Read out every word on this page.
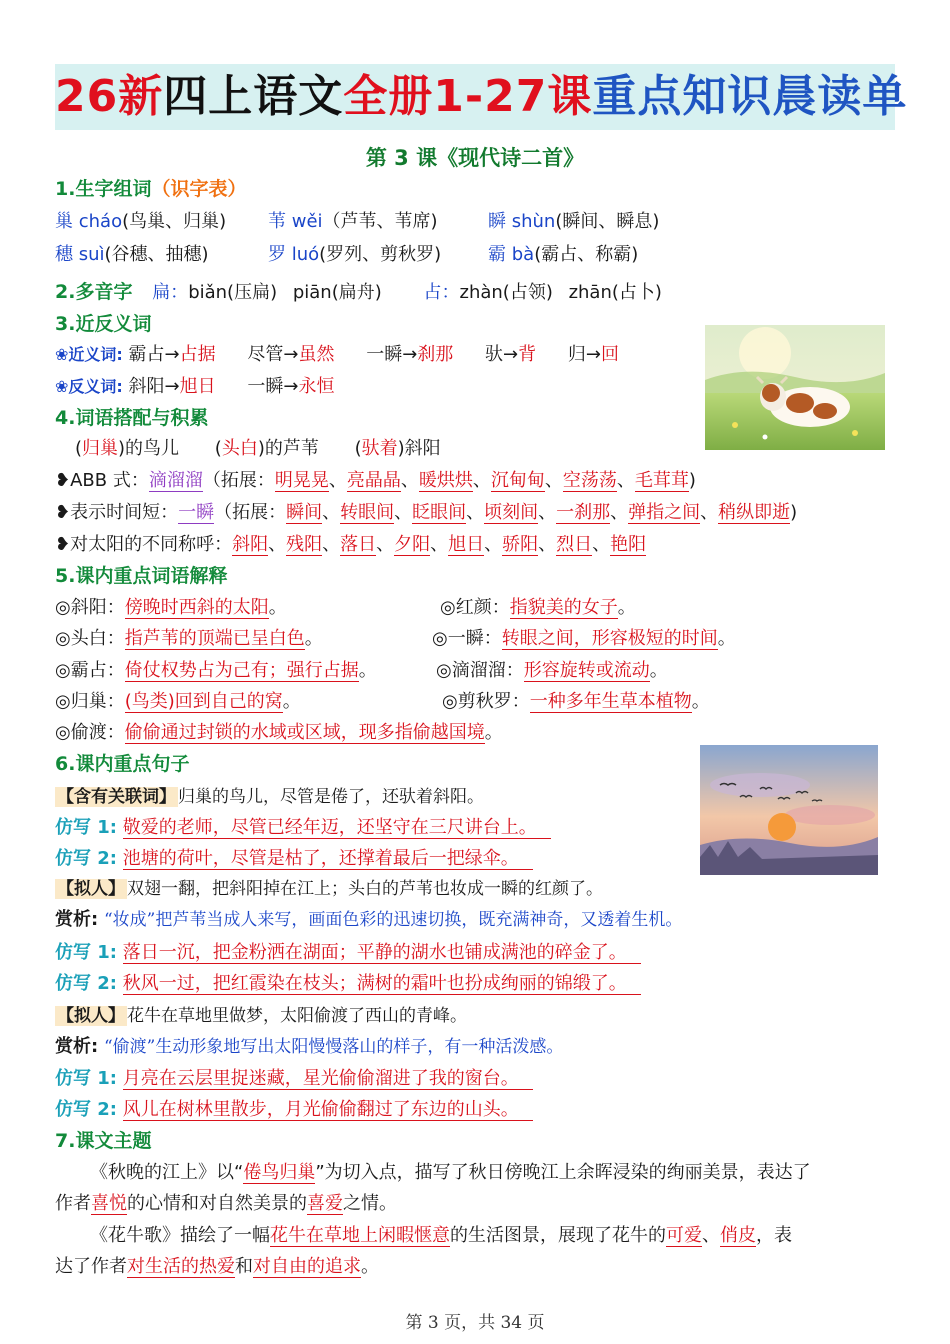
26新四上语文全册1-27课重点知识晨读单
第 3 课《现代诗二首》
1.生字组词（识字表）
巢 cháo(鸟巢、归巢) 苇 wěi（芦苇、苇席)	瞬 shùn(瞬间、瞬息)
穗 suì(谷穗、抽穗)	罗 luó(罗列、剪秋罗)	霸 bà(霸占、称霸)
2.多音字 扁：biǎn(压扁) piān(扁舟) 占：zhàn(占领) zhān(占卜)
3.近反义词
❀近义词: 霸占→占据 尽管→虽然 一瞬→刹那 驮→背 归→回
❀反义词: 斜阳→旭日 一瞬→永恒
4.词语搭配与积累
(归巢)的鸟儿 (头白)的芦苇 (驮着)斜阳
❥ABB 式：滴溜溜（拓展：明晃晃、亮晶晶、暖烘烘、沉甸甸、空荡荡、毛茸茸)
❥表示时间短：一瞬（拓展：瞬间、转眼间、眨眼间、顷刻间、一刹那、弹指之间、稍纵即逝)
❥对太阳的不同称呼：斜阳、残阳、落日、夕阳、旭日、骄阳、烈日、艳阳
5.课内重点词语解释
◎斜阳：傍晚时西斜的太阳。	◎红颜：指貌美的女子。
◎头白：指芦苇的顶端已呈白色。	◎一瞬：转眼之间，形容极短的时间。
◎霸占：倚仗权势占为己有；强行占据。	◎滴溜溜：形容旋转或流动。
◎归巢：(鸟类)回到自己的窝。	◎剪秋罗：一种多年生草本植物。
◎偷渡：偷偷通过封锁的水域或区域，现多指偷越国境。
6.课内重点句子
【含有关联词】 归巢的鸟儿，尽管是倦了，还驮着斜阳。
仿写 1: 敬爱的老师，尽管已经年迈，还坚守在三尺讲台上。
仿写 2: 池塘的荷叶，尽管是枯了，还撑着最后一把绿伞。
【拟人】 双翅一翻，把斜阳掉在江上；头白的芦苇也妆成一瞬的红颜了。
赏析: “妆成”把芦苇当成人来写，画面色彩的迅速切换，既充满神奇，又透着生机。
仿写 1: 落日一沉，把金粉洒在湖面；平静的湖水也铺成满池的碎金了。
仿写 2: 秋风一过，把红霞染在枝头；满树的霜叶也扮成绚丽的锦缎了。
【拟人】 花牛在草地里做梦，太阳偷渡了西山的青峰。
赏析: “偷渡”生动形象地写出太阳慢慢落山的样子，有一种活泼感。
仿写 1: 月亮在云层里捉迷藏，星光偷偷溜进了我的窗台。
仿写 2: 风儿在树林里散步，月光偷偷翻过了东边的山头。
7.课文主题
《秋晚的江上》以“倦鸟归巢”为切入点，描写了秋日傍晚江上余晖浸染的绚丽美景，表达了
作者喜悦的心情和对自然美景的喜爱之情。
《花牛歌》描绘了一幅花牛在草地上闲暇惬意的生活图景，展现了花牛的可爱、俏皮，表
达了作者对生活的热爱和对自由的追求。
第 3 页，共 34 页
